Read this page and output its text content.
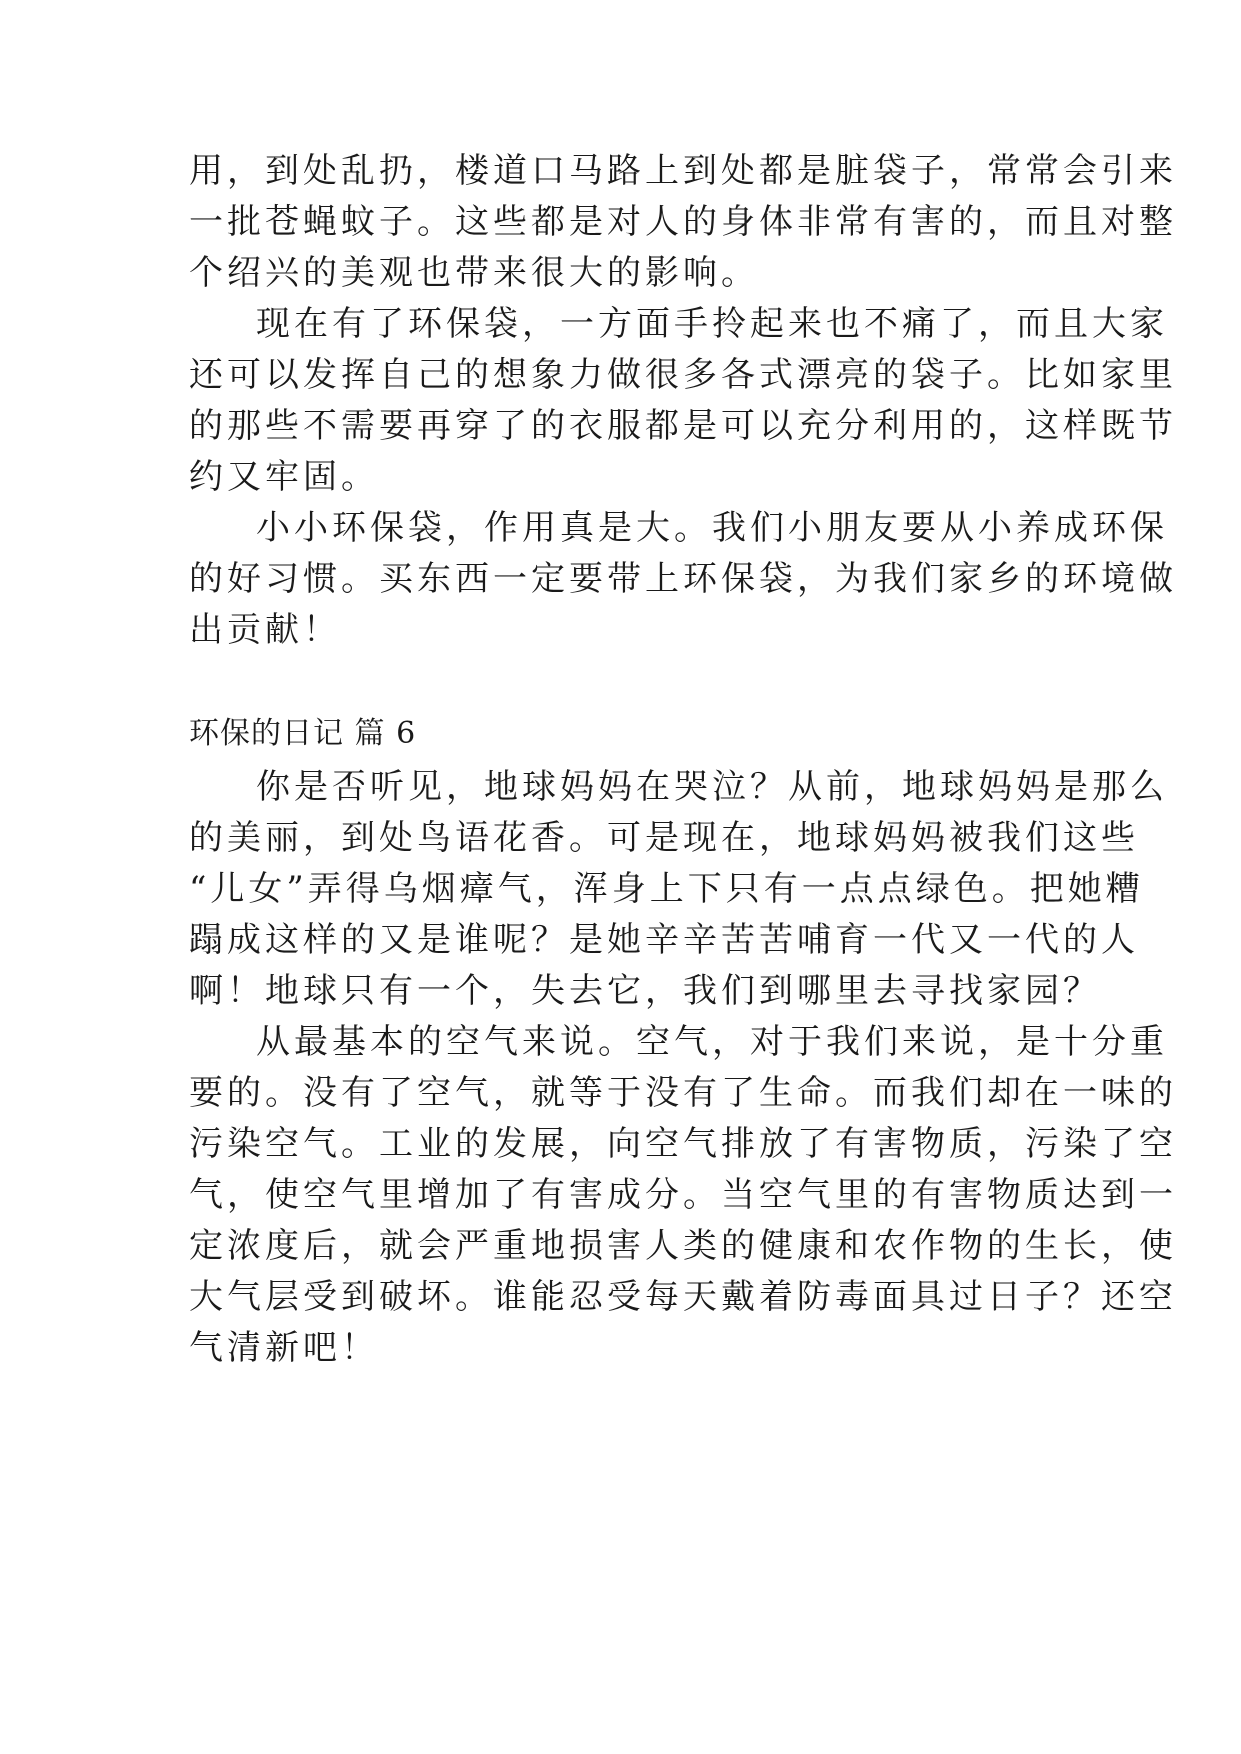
用，到处乱扔，楼道口马路上到处都是脏袋子，常常会引来
一批苍蝇蚊子。这些都是对人的身体非常有害的，而且对整
个绍兴的美观也带来很大的影响。
现在有了环保袋，一方面手拎起来也不痛了，而且大家
还可以发挥自己的想象力做很多各式漂亮的袋子。比如家里
的那些不需要再穿了的衣服都是可以充分利用的，这样既节
约又牢固。
小小环保袋，作用真是大。我们小朋友要从小养成环保
的好习惯。买东西一定要带上环保袋，为我们家乡的环境做
出贡献！
环保的日记 篇 6
你是否听见，地球妈妈在哭泣？从前，地球妈妈是那么
的美丽，到处鸟语花香。可是现在，地球妈妈被我们这些
“儿女”弄得乌烟瘴气，浑身上下只有一点点绿色。把她糟
蹋成这样的又是谁呢？是她辛辛苦苦哺育一代又一代的人
啊！地球只有一个，失去它，我们到哪里去寻找家园？
从最基本的空气来说。空气，对于我们来说，是十分重
要的。没有了空气，就等于没有了生命。而我们却在一味的
污染空气。工业的发展，向空气排放了有害物质，污染了空
气，使空气里增加了有害成分。当空气里的有害物质达到一
定浓度后，就会严重地损害人类的健康和农作物的生长，使
大气层受到破坏。谁能忍受每天戴着防毒面具过日子？还空
气清新吧！
